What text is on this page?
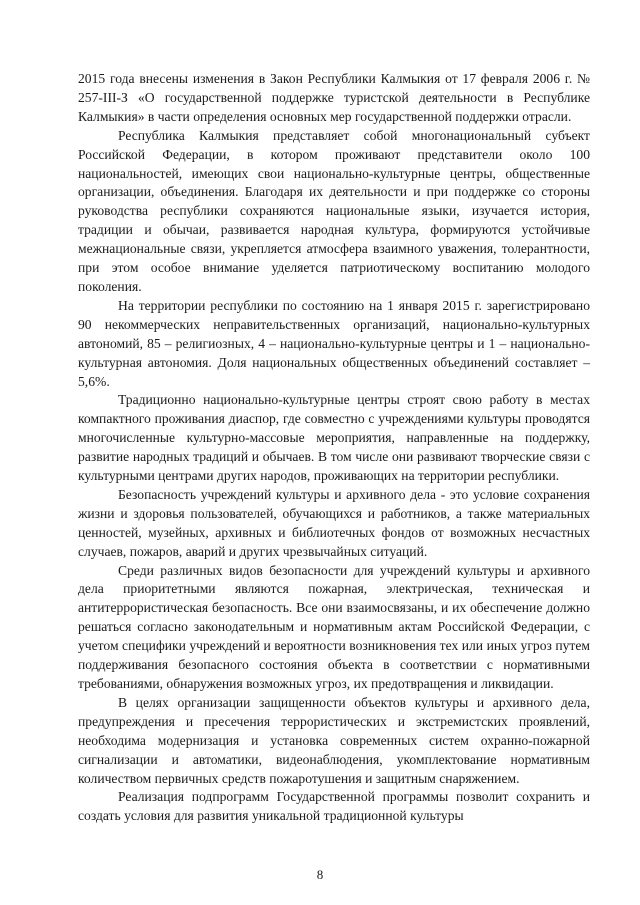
2015 года внесены изменения в Закон Республики Калмыкия от 17 февраля 2006 г. № 257-III-З «О государственной поддержке туристской деятельности в Республике Калмыкия» в части определения основных мер государственной поддержки отрасли.

Республика Калмыкия представляет собой многонациональный субъект Российской Федерации, в котором проживают представители около 100 национальностей, имеющих свои национально-культурные центры, общественные организации, объединения. Благодаря их деятельности и при поддержке со стороны руководства республики сохраняются национальные языки, изучается история, традиции и обычаи, развивается народная культура, формируются устойчивые межнациональные связи, укрепляется атмосфера взаимного уважения, толерантности, при этом особое внимание уделяется патриотическому воспитанию молодого поколения.

На территории республики по состоянию на 1 января 2015 г. зарегистрировано 90 некоммерческих неправительственных организаций, национально-культурных автономий, 85 – религиозных, 4 – национально-культурные центры и 1 – национально-культурная автономия. Доля национальных общественных объединений составляет – 5,6%.

Традиционно национально-культурные центры строят свою работу в местах компактного проживания диаспор, где совместно с учреждениями культуры проводятся многочисленные культурно-массовые мероприятия, направленные на поддержку, развитие народных традиций и обычаев. В том числе они развивают творческие связи с культурными центрами других народов, проживающих на территории республики.

Безопасность учреждений культуры и архивного дела - это условие сохранения жизни и здоровья пользователей, обучающихся и работников, а также материальных ценностей, музейных, архивных и библиотечных фондов от возможных несчастных случаев, пожаров, аварий и других чрезвычайных ситуаций.

Среди различных видов безопасности для учреждений культуры и архивного дела приоритетными являются пожарная, электрическая, техническая и антитеррористическая безопасность. Все они взаимосвязаны, и их обеспечение должно решаться согласно законодательным и нормативным актам Российской Федерации, с учетом специфики учреждений и вероятности возникновения тех или иных угроз путем поддерживания безопасного состояния объекта в соответствии с нормативными требованиями, обнаружения возможных угроз, их предотвращения и ликвидации.

В целях организации защищенности объектов культуры и архивного дела, предупреждения и пресечения террористических и экстремистских проявлений, необходима модернизация и установка современных систем охранно-пожарной сигнализации и автоматики, видеонаблюдения, укомплектование нормативным количеством первичных средств пожаротушения и защитным снаряжением.

Реализация подпрограмм Государственной программы позволит сохранить и создать условия для развития уникальной традиционной культуры

8
